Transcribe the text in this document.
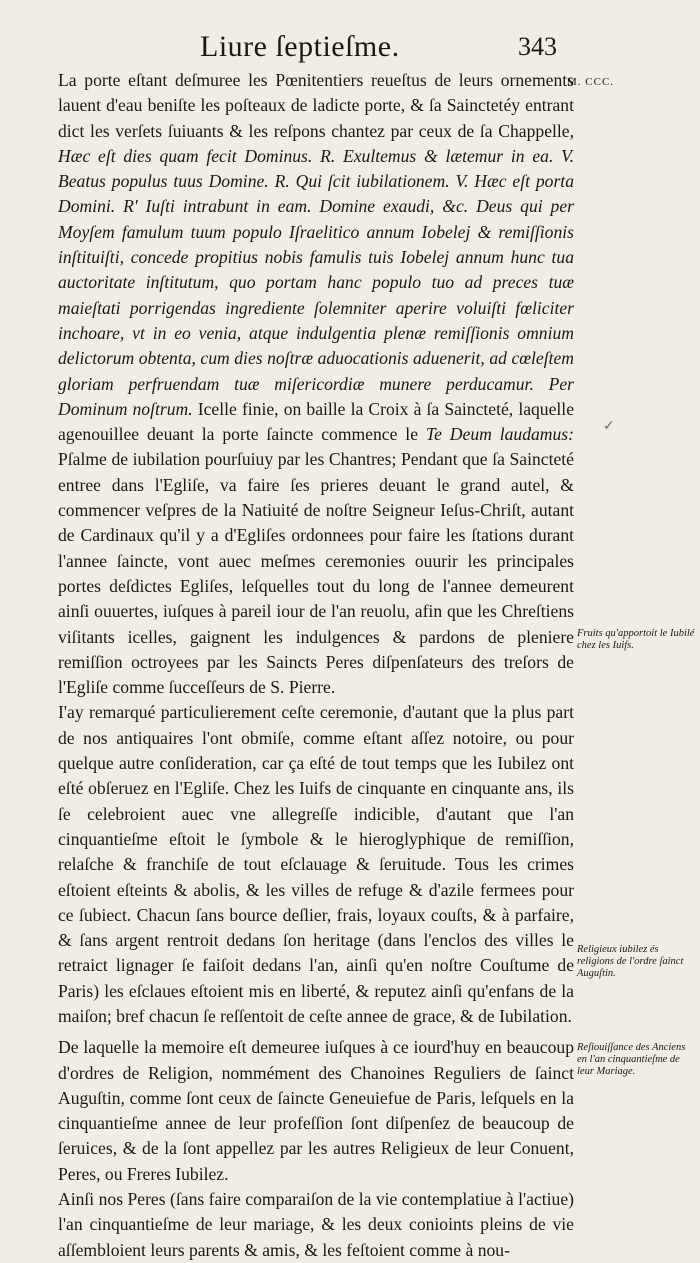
Liure ſeptieſme.	343
M. CCC.

La porte eſtant deſmuree les Pœnitentiers reueſtus de leurs ornements lauent d'eau beniſte les poſteaux de ladicte porte, & ſa Sainctetéy entrant dict les verſets ſuiuants & les reſpons chantez par ceux de ſa Chappelle, Hæc eſt dies quam fecit Dominus. R. Exultemus & lætemur in ea. V. Beatus populus tuus Domine. R. Qui ſcit iubilationem. V. Hæc eſt porta Domini. R' Iuſti intrabunt in eam. Domine exaudi, &c. Deus qui per Moyſem famulum tuum populo Iſraelitico annum Iobelej & remiſſionis inſtituiſti, concede propitius nobis famulis tuis Iobelej annum hunc tua auctoritate inſtitutum, quo portam hanc populo tuo ad preces tuæ maieſtati porrigendas ingrediente ſolemniter aperire voluiſti fœliciter inchoare, vt in eo venia, atque indulgentia plenæ remiſſionis omnium delictorum obtenta, cum dies noſtræ aduocationis aduenerit, ad cœleſtem gloriam perfruendam tuæ miſericordiæ munere perducamur. Per Dominum noſtrum. Icelle finie, on baille la Croix à ſa Saincteté, laquelle agenouillee deuant la porte ſaincte commence le Te Deum laudamus: Pſalme de iubilation pourſuiuy par les Chantres; Pendant que ſa Saincteté entree dans l'Egliſe, va faire ſes prieres deuant le grand autel, & commencer veſpres de la Natiuité de noſtre Seigneur Ieſus-Chriſt, autant de Cardinaux qu'il y a d'Egliſes ordonnees pour faire les ſtations durant l'annee ſaincte, vont auec meſmes ceremonies ouurir les principales portes deſdictes Egliſes, leſquelles tout du long de l'annee demeurent ainſi ouuertes, iuſques à pareil iour de l'an reuolu, afin que les Chreſtiens viſitants icelles, gaignent les indulgences & pardons de pleniere remiſſion octroyees par les Saincts Peres diſpenſateurs des treſors de l'Egliſe comme ſucceſſeurs de S. Pierre.

I'ay remarqué particulierement ceſte ceremonie, d'autant que la plus part de nos antiquaires l'ont obmiſe, comme eſtant aſſez notoire, ou pour quelque autre conſideration, car ça eſté de tout temps que les Iubilez ont eſté obſeruez en l'Egliſe. Chez les Iuifs de cinquante en cinquante ans, ils ſe celebroient auec vne allegreſſe indicible, d'autant que l'an cinquantieſme eſtoit le ſymbole & le hieroglyphique de remiſſion, relaſche & franchiſe de tout eſclauage & ſeruitude. Tous les crimes eſtoient eſteints & abolis, & les villes de refuge & d'azile fermees pour ce ſubiect. Chacun ſans bource deſlier, frais, loyaux couſts, & à parfaire, & ſans argent rentroit dedans ſon heritage (dans l'enclos des villes le retraict lignager ſe faiſoit dedans l'an, ainſi qu'en noſtre Couſtume de Paris) les eſclaues eſtoient mis en liberté, & reputez ainſi qu'enfans de la maiſon; bref chacun ſe reſſentoit de ceſte annee de grace, & de Iubilation.

De laquelle la memoire eſt demeuree iuſques à ce iourd'huy en beaucoup d'ordres de Religion, nommément des Chanoines Reguliers de ſainct Auguſtin, comme ſont ceux de ſaincte Geneuiefue de Paris, leſquels en la cinquantieſme annee de leur profeſſion ſont diſpenſez de beaucoup de ſeruices, & de la ſont appellez par les autres Religieux de leur Conuent, Peres, ou Freres Iubilez.

Ainſi nos Peres (ſans faire comparaiſon de la vie contemplatiue à l'actiue) l'an cinquantieſme de leur mariage, & les deux conioints pleins de vie aſſembloient leurs parents & amis, & les feſtoient comme à nou-

Fruits qu'apportoit le Iubilé chez les Iuifs.
Religieux iubilez és religions de l'ordre ſainct Auguſtin.
Reſiouiſſance des Anciens en l'an cinquantieſme de leur Mariage.
✓
